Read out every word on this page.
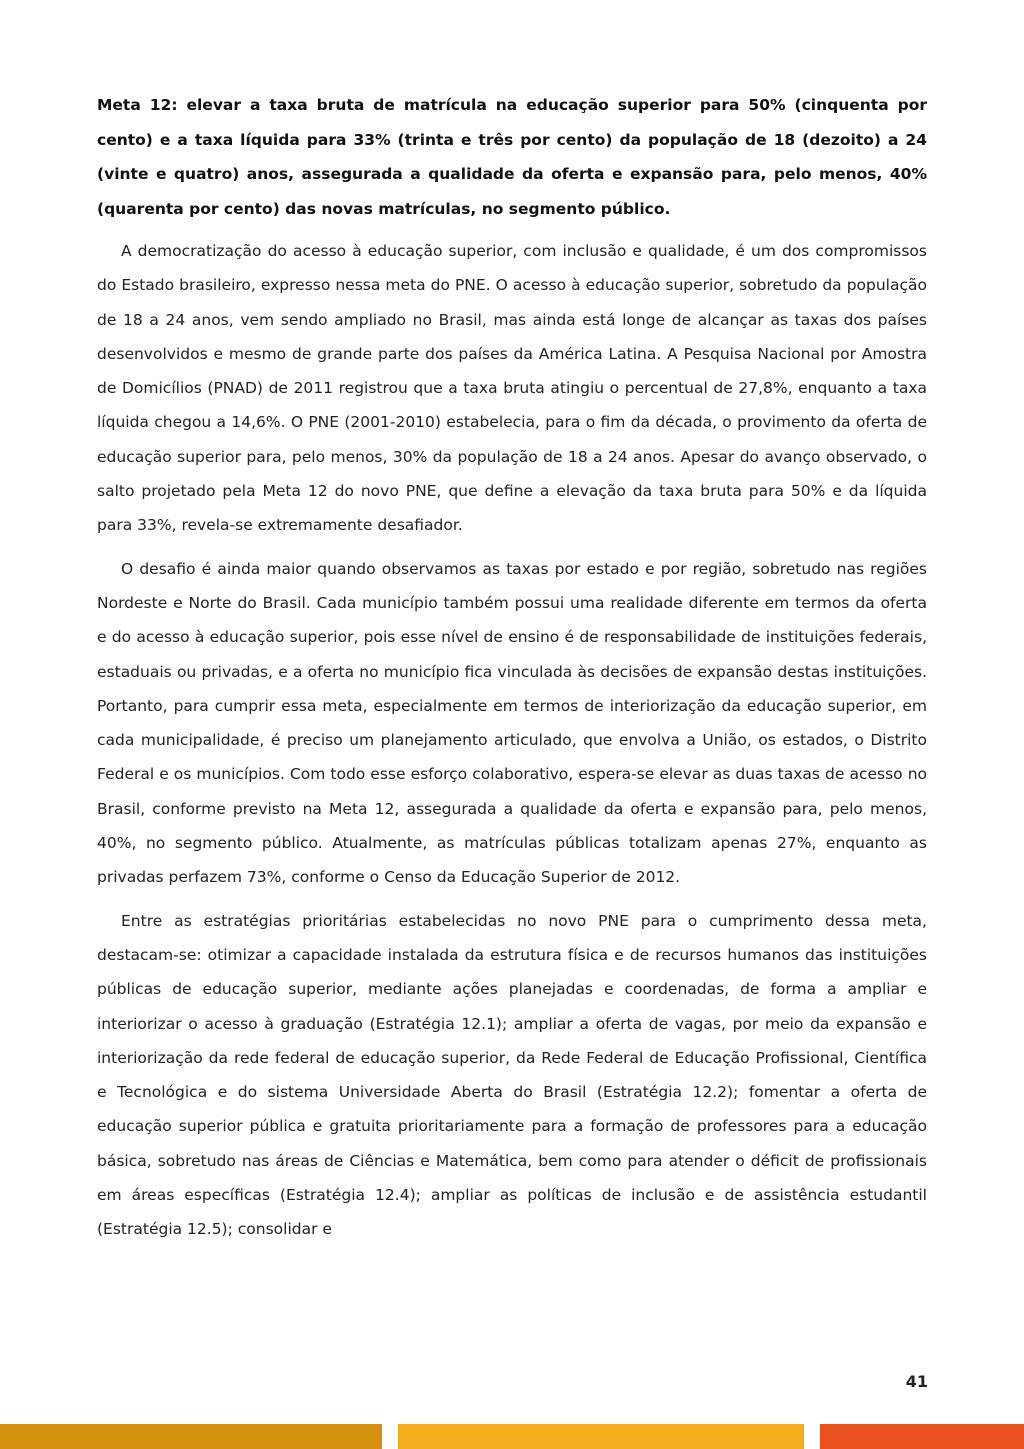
Meta 12: elevar a taxa bruta de matrícula na educação superior para 50% (cinquenta por cento) e a taxa líquida para 33% (trinta e três por cento) da população de 18 (dezoito) a 24 (vinte e quatro) anos, assegurada a qualidade da oferta e expansão para, pelo menos, 40% (quarenta por cento) das novas matrículas, no segmento público.

A democratização do acesso à educação superior, com inclusão e qualidade, é um dos compromissos do Estado brasileiro, expresso nessa meta do PNE. O acesso à educação superior, sobretudo da população de 18 a 24 anos, vem sendo ampliado no Brasil, mas ainda está longe de alcançar as taxas dos países desenvolvidos e mesmo de grande parte dos países da América Latina. A Pesquisa Nacional por Amostra de Domicílios (PNAD) de 2011 registrou que a taxa bruta atingiu o percentual de 27,8%, enquanto a taxa líquida chegou a 14,6%. O PNE (2001-2010) estabelecia, para o fim da década, o provimento da oferta de educação superior para, pelo menos, 30% da população de 18 a 24 anos. Apesar do avanço observado, o salto projetado pela Meta 12 do novo PNE, que define a elevação da taxa bruta para 50% e da líquida para 33%, revela-se extremamente desafiador.

O desafio é ainda maior quando observamos as taxas por estado e por região, sobretudo nas regiões Nordeste e Norte do Brasil. Cada município também possui uma realidade diferente em termos da oferta e do acesso à educação superior, pois esse nível de ensino é de responsabilidade de instituições federais, estaduais ou privadas, e a oferta no município fica vinculada às decisões de expansão destas instituições. Portanto, para cumprir essa meta, especialmente em termos de interiorização da educação superior, em cada municipalidade, é preciso um planejamento articulado, que envolva a União, os estados, o Distrito Federal e os municípios. Com todo esse esforço colaborativo, espera-se elevar as duas taxas de acesso no Brasil, conforme previsto na Meta 12, assegurada a qualidade da oferta e expansão para, pelo menos, 40%, no segmento público. Atualmente, as matrículas públicas totalizam apenas 27%, enquanto as privadas perfazem 73%, conforme o Censo da Educação Superior de 2012.

Entre as estratégias prioritárias estabelecidas no novo PNE para o cumprimento dessa meta, destacam-se: otimizar a capacidade instalada da estrutura física e de recursos humanos das instituições públicas de educação superior, mediante ações planejadas e coordenadas, de forma a ampliar e interiorizar o acesso à graduação (Estratégia 12.1); ampliar a oferta de vagas, por meio da expansão e interiorização da rede federal de educação superior, da Rede Federal de Educação Profissional, Científica e Tecnológica e do sistema Universidade Aberta do Brasil (Estratégia 12.2); fomentar a oferta de educação superior pública e gratuita prioritariamente para a formação de professores para a educação básica, sobretudo nas áreas de Ciências e Matemática, bem como para atender o déficit de profissionais em áreas específicas (Estratégia 12.4); ampliar as políticas de inclusão e de assistência estudantil (Estratégia 12.5); consolidar e

41
